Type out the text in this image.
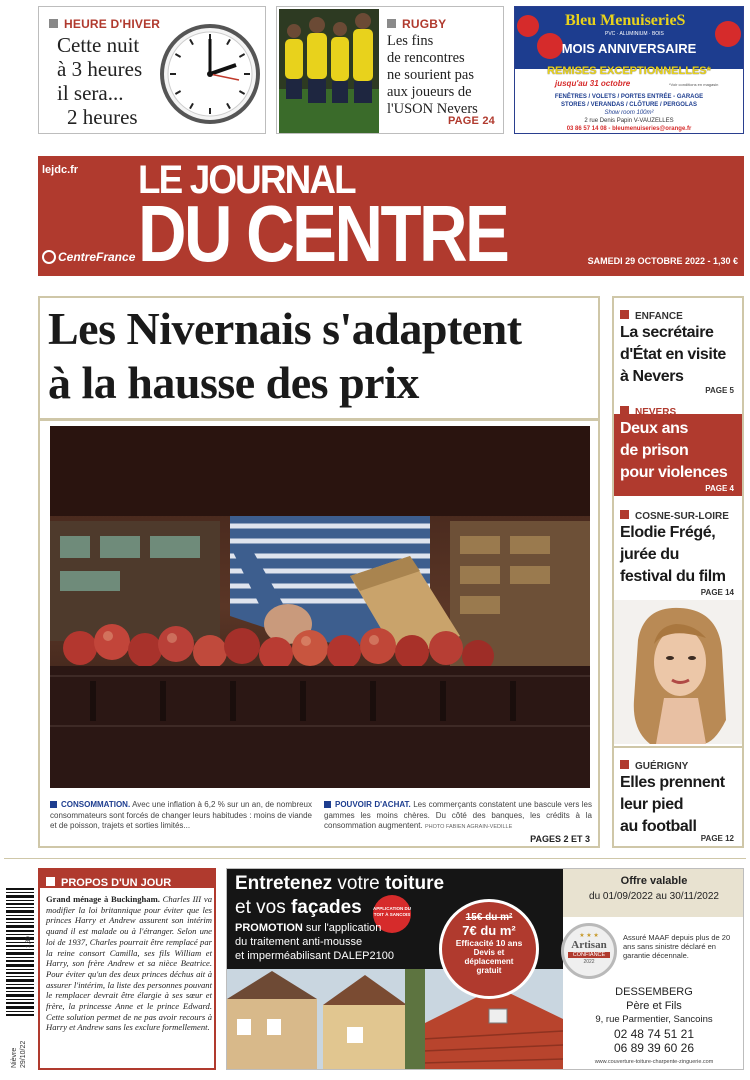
HEURE D'HIVER
Cette nuit
à 3 heures
il sera...
2 heures
RUGBY
Les fins
de rencontres
ne sourient pas
aux joueurs de
l'USON Nevers
PAGE 24
Bleu MenuiserieS
PVC · ALUMINIUM · BOIS
MOIS ANNIVERSAIRE
REMISES EXCEPTIONNELLES*
jusqu'au 31 octobre	*Voir conditions en magasin
FENÊTRES / VOLETS / PORTES ENTRÉE - GARAGE
STORES / VERANDAS / CLÔTURE / PERGOLAS
Show room 100m²
2 rue Denis Papin V-VAUZELLES
03 86 57 14 08 - bleumenuiseries@orange.fr
lejdc.fr LE JOURNAL
DU CENTRE
CentreFrance	SAMEDI 29 OCTOBRE 2022 - 1,30 €
Les Nivernais s'adaptent
à la hausse des prix
CONSOMMATION. Avec une inflation à 6,2 % sur un an, de nombreux consommateurs sont forcés de changer leurs habitudes : moins de viande et de poisson, trajets et sorties limités...
POUVOIR D'ACHAT. Les commerçants constatent une bascule vers les gammes les moins chères. Du côté des banques, les crédits à la consommation augmentent. PHOTO FABIEN AGRAIN-VEDILLE
PAGES 2 ET 3
ENFANCE
La secrétaire
d'État en visite
à Nevers
PAGE 5
NEVERS
Deux ans
de prison
pour violences
PAGE 4
COSNE-SUR-LOIRE
Elodie Frégé,
jurée du
festival du film
PAGE 14
GUÉRIGNY
Elles prennent
leur pied
au football
PAGE 12
Nièvre 29/10/22
1,30
PROPOS D'UN JOUR
Grand ménage à Buckingham. Charles III va modifier la loi britannique pour éviter que les princes Harry et Andrew assurent son intérim quand il est malade ou à l'étranger. Selon une loi de 1937, Charles pourrait être remplacé par la reine consort Camilla, ses fils William et Harry, son frère Andrew et sa nièce Beatrice. Pour éviter qu'un des deux princes déchus ait à assurer l'intérim, la liste des personnes pouvant le remplacer devrait être élargie à ses sœur et frère, la princesse Anne et le prince Edward. Cette solution permet de ne pas avoir recours à Harry et Andrew sans les exclure formellement.
Entretenez votre toiture
et vos façades	APPLICATION DU TOIT À SANCOIS
PROMOTION sur l'application
du traitement anti-mousse
et imperméabilisant DALEP2100
15€ du m²
7€ du m²
Efficacité 10 ans
Devis et déplacement gratuit
Offre valable
du 01/09/2022 au 30/11/2022
★ ★ ★
Artisan
CONFIANCE
2022
Assuré MAAF depuis plus de 20 ans sans sinistre déclaré en garantie décennale.
DESSEMBERG
Père et Fils
9, rue Parmentier, Sancoins
02 48 74 51 21
06 89 39 60 26
www.couverture-toiture-charpente-zinguerie.com
